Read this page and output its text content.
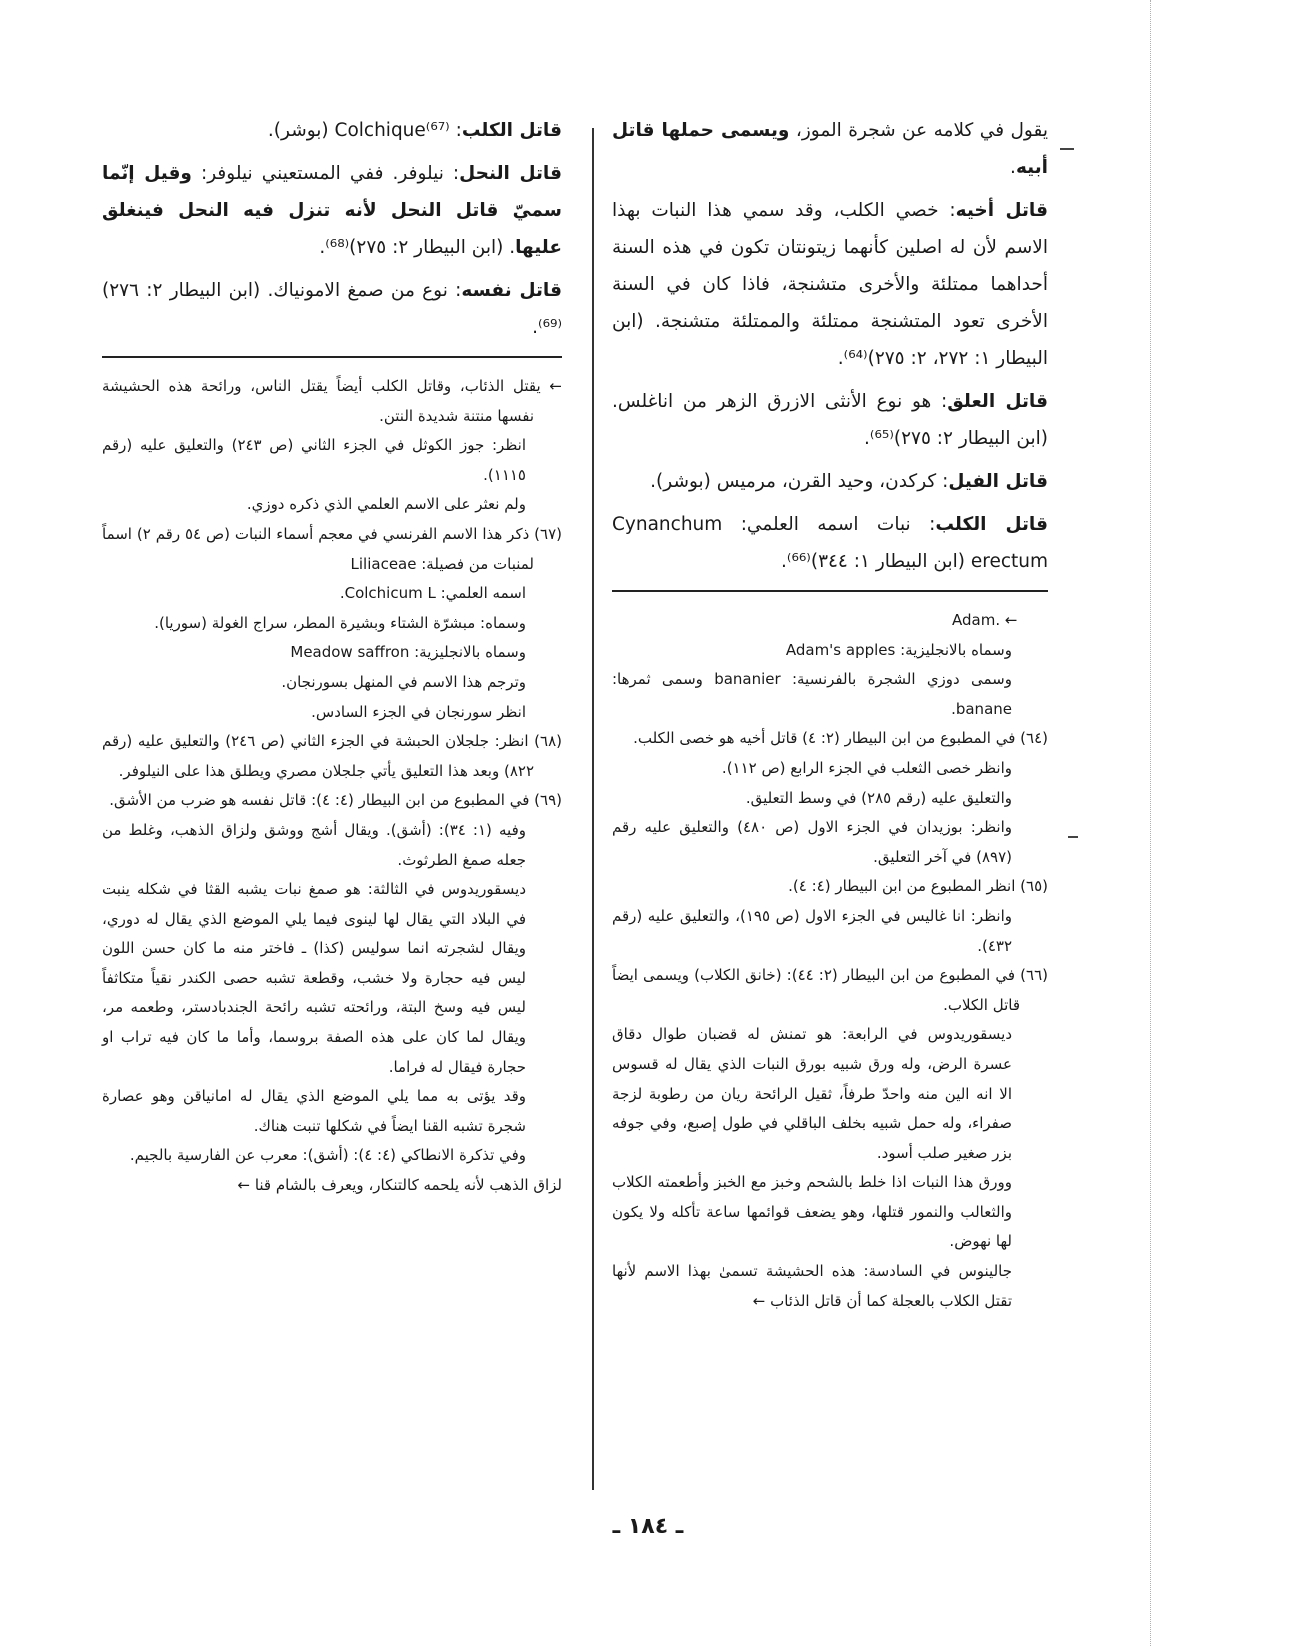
يقول في كلامه عن شجرة الموز، ويسمى حملها قاتل أبيه.

قاتل أخيه: خصي الكلب، وقد سمي هذا النبات بهذا الاسم لأن له اصلين كأنهما زيتونتان تكون في هذه السنة أحداهما ممتلئة والأخرى متشنجة، فاذا كان في السنة الأخرى تعود المتشنجة ممتلئة والممتلئة متشنجة. (ابن البيطار ١: ٢٧٢، ٢: ٢٧٥)⁽⁶⁴⁾.

قاتل العلق: هو نوع الأنثى الازرق الزهر من اناغلس. (ابن البيطار ٢: ٢٧٥)⁽⁶⁵⁾.

قاتل الفيل: كركدن، وحيد القرن، مرميس (بوشر).

قاتل الكلب: نبات اسمه العلمي: Cynanchum erectum (ابن البيطار ١: ٣٤٤)⁽⁶⁶⁾.

Adam. ←

وسماه بالانجليزية: Adam's apples

وسمى دوزي الشجرة بالفرنسية: bananier وسمى ثمرها: banane.

(٦٤) في المطبوع من ابن البيطار (٢: ٤) قاتل أخيه هو خصى الكلب.

وانظر خصى الثعلب في الجزء الرابع (ص ١١٢).

والتعليق عليه (رقم ٢٨٥) في وسط التعليق.

وانظر: بوزيدان في الجزء الاول (ص ٤٨٠) والتعليق عليه رقم (٨٩٧) في آخر التعليق.

(٦٥) انظر المطبوع من ابن البيطار (٤: ٤).

وانظر: انا غاليس في الجزء الاول (ص ١٩٥)، والتعليق عليه (رقم ٤٣٢).

(٦٦) في المطبوع من ابن البيطار (٢: ٤٤): (خانق الكلاب) ويسمى ايضاً قاتل الكلاب.

ديسقوريدوس في الرابعة: هو تمنش له قضبان طوال دقاق عسرة الرض، وله ورق شبيه بورق النبات الذي يقال له قسوس الا انه الين منه واحدّ طرفاً، ثقيل الرائحة ريان من رطوبة لزجة صفراء، وله حمل شبيه بخلف الباقلي في طول إصبع، وفي جوفه بزر صغير صلب أسود.

وورق هذا النبات اذا خلط بالشحم وخبز مع الخبز وأطعمته الكلاب والثعالب والنمور قتلها، وهو يضعف قوائمها ساعة تأكله ولا يكون لها نهوض.

جالينوس في السادسة: هذه الحشيشة تسمىٰ بهذا الاسم لأنها تقتل الكلاب بالعجلة كما أن قاتل الذئاب ←

قاتل الكلب: Colchique⁽⁶⁷⁾ (بوشر).

قاتل النحل: نيلوفر. ففي المستعيني نيلوفر: وقيل إنّما سميّ قاتل النحل لأنه تنزل فيه النحل فينغلق عليها. (ابن البيطار ٢: ٢٧٥)⁽⁶⁸⁾.

قاتل نفسه: نوع من صمغ الامونياك. (ابن البيطار ٢: ٢٧٦)⁽⁶⁹⁾.

← يقتل الذئاب، وقاتل الكلب أيضاً يقتل الناس، ورائحة هذه الحشيشة نفسها منتنة شديدة النتن.

انظر: جوز الكوثل في الجزء الثاني (ص ٢٤٣) والتعليق عليه (رقم ١١١٥).

ولم نعثر على الاسم العلمي الذي ذكره دوزي.

(٦٧) ذكر هذا الاسم الفرنسي في معجم أسماء النبات (ص ٥٤ رقم ٢) اسماً لمنبات من فصيلة: Liliaceae

اسمه العلمي: Colchicum L.

وسماه: مبشرّة الشتاء وبشيرة المطر، سراج الغولة (سوريا).

وسماه بالانجليزية: Meadow saffron

وترجم هذا الاسم في المنهل بسورنجان.

انظر سورنجان في الجزء السادس.

(٦٨) انظر: جلجلان الحبشة في الجزء الثاني (ص ٢٤٦) والتعليق عليه (رقم ٨٢٢) وبعد هذا التعليق يأتي جلجلان مصري ويطلق هذا على النيلوفر.

(٦٩) في المطبوع من ابن البيطار (٤: ٤): قاتل نفسه هو ضرب من الأشق.

وفيه (١: ٣٤): (أشق). ويقال أشج ووشق ولزاق الذهب، وغلط من جعله صمغ الطرثوث.

ديسقوريدوس في الثالثة: هو صمغ نبات يشبه القثا في شكله ينبت في البلاد التي يقال لها لينوى فيما يلي الموضع الذي يقال له دوري، ويقال لشجرته انما سوليس (كذا) ـ فاختر منه ما كان حسن اللون ليس فيه حجارة ولا خشب، وقطعة تشبه حصى الكندر نقياً متكاثفاً ليس فيه وسخ البتة، ورائحته تشبه رائحة الجندبادستر، وطعمه مر، ويقال لما كان على هذه الصفة بروسما، وأما ما كان فيه تراب او حجارة فيقال له فراما.

وقد يؤتى به مما يلي الموضع الذي يقال له امانياقن وهو عصارة شجرة تشبه القنا ايضاً في شكلها تنبت هناك.

وفي تذكرة الانطاكي (٤: ٤): (أشق): معرب عن الفارسية بالجيم.

لزاق الذهب لأنه يلحمه كالتنكار، ويعرف بالشام قنا ←

ـ ١٨٤ ـ
